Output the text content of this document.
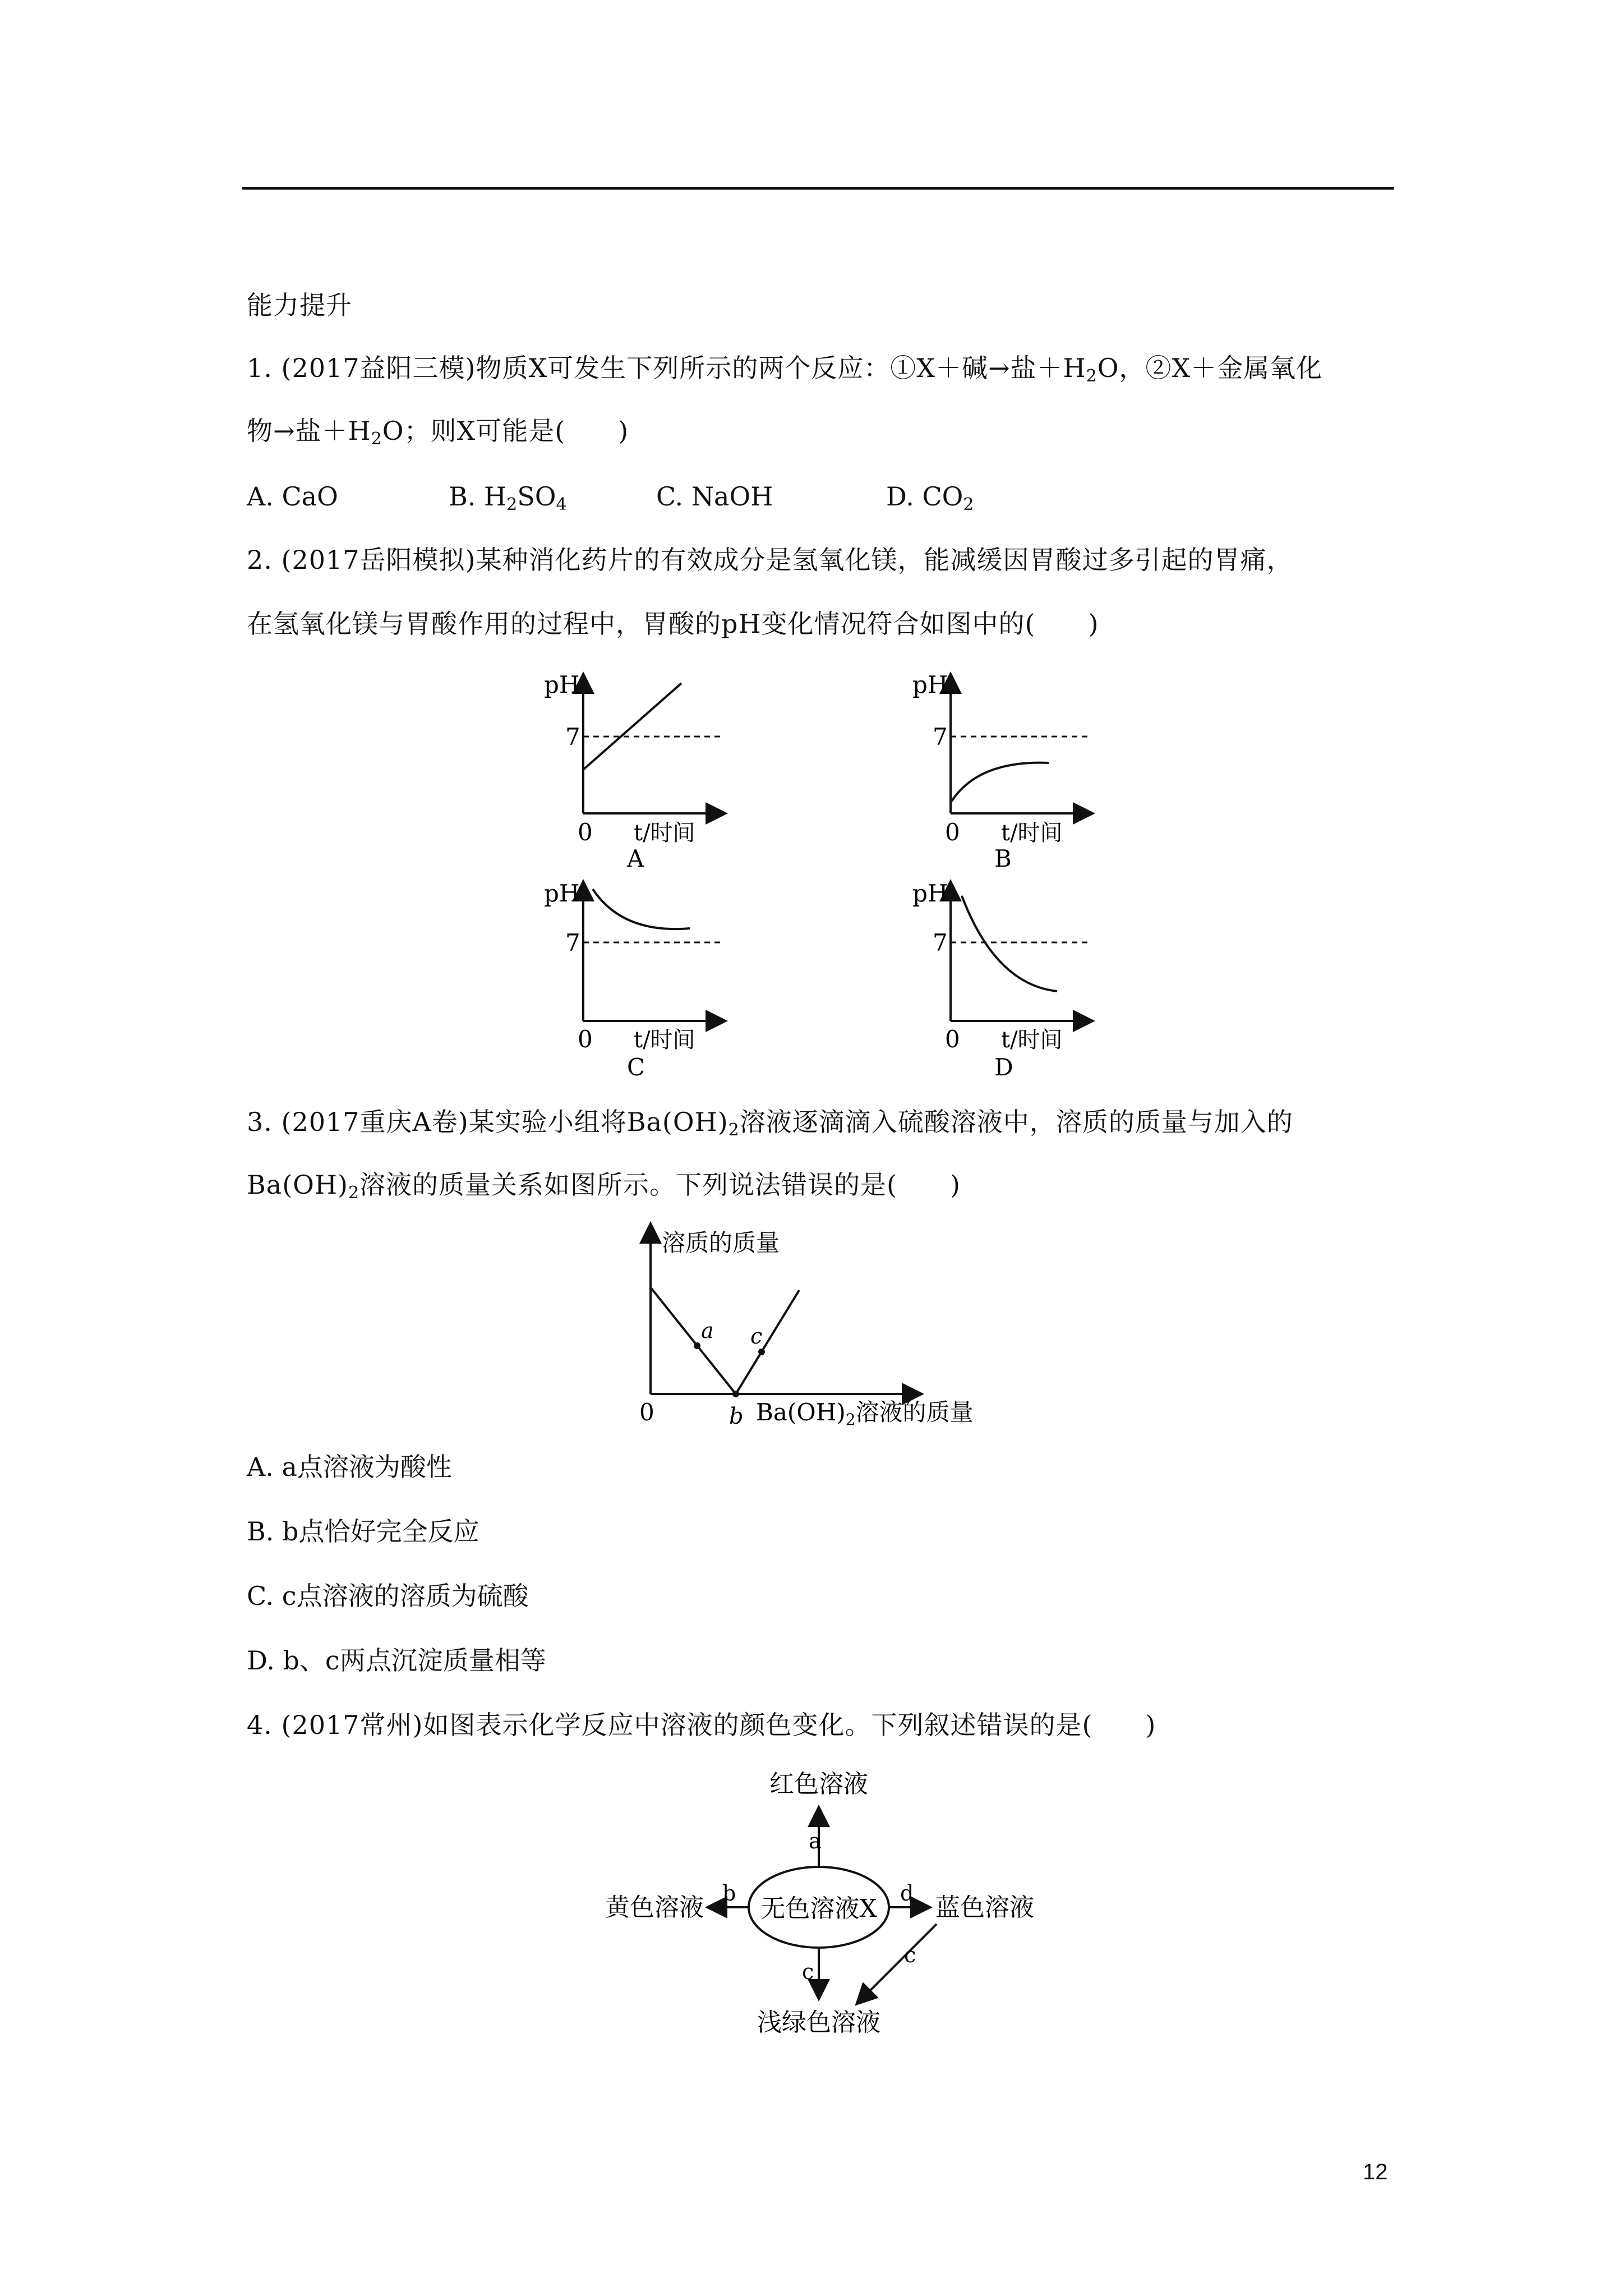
能力提升
1. (2017益阳三模)物质X可发生下列所示的两个反应：①X＋碱→盐$+H_2O$，②X＋金属氧化
物→盐$+H_2O$；则X可能是(　　)
A. CaO	B. $H_2SO_4$	C. NaOH	D. $CO_2$
2. (2017岳阳模拟)某种消化药片的有效成分是氢氧化镁，能减缓因胃酸过多引起的胃痛，
在氢氧化镁与胃酸作用的过程中，胃酸的pH变化情况符合如图中的(　　)
pH
7
0 t/时间
A
pH
7
0 t/时间
B
pH
7
0 t/时间
C
pH
7
0 t/时间
D
3. (2017重庆A卷)某实验小组将$Ba(OH)_2$溶液逐滴滴入硫酸溶液中，溶质的质量与加入的
$Ba(OH)_2$溶液的质量关系如图所示。下列说法错误的是(　　)
溶质的质量
a c
0	b Ba(OH)2溶液的质量
A. a点溶液为酸性
B. b点恰好完全反应
C. c点溶液的溶质为硫酸
D. b、c两点沉淀质量相等
4. (2017常州)如图表示化学反应中溶液的颜色变化。下列叙述错误的是(　　)
无色溶液X
a
红色溶液
b
黄色溶液	d 蓝色溶液
c
c
浅绿色溶液
12
